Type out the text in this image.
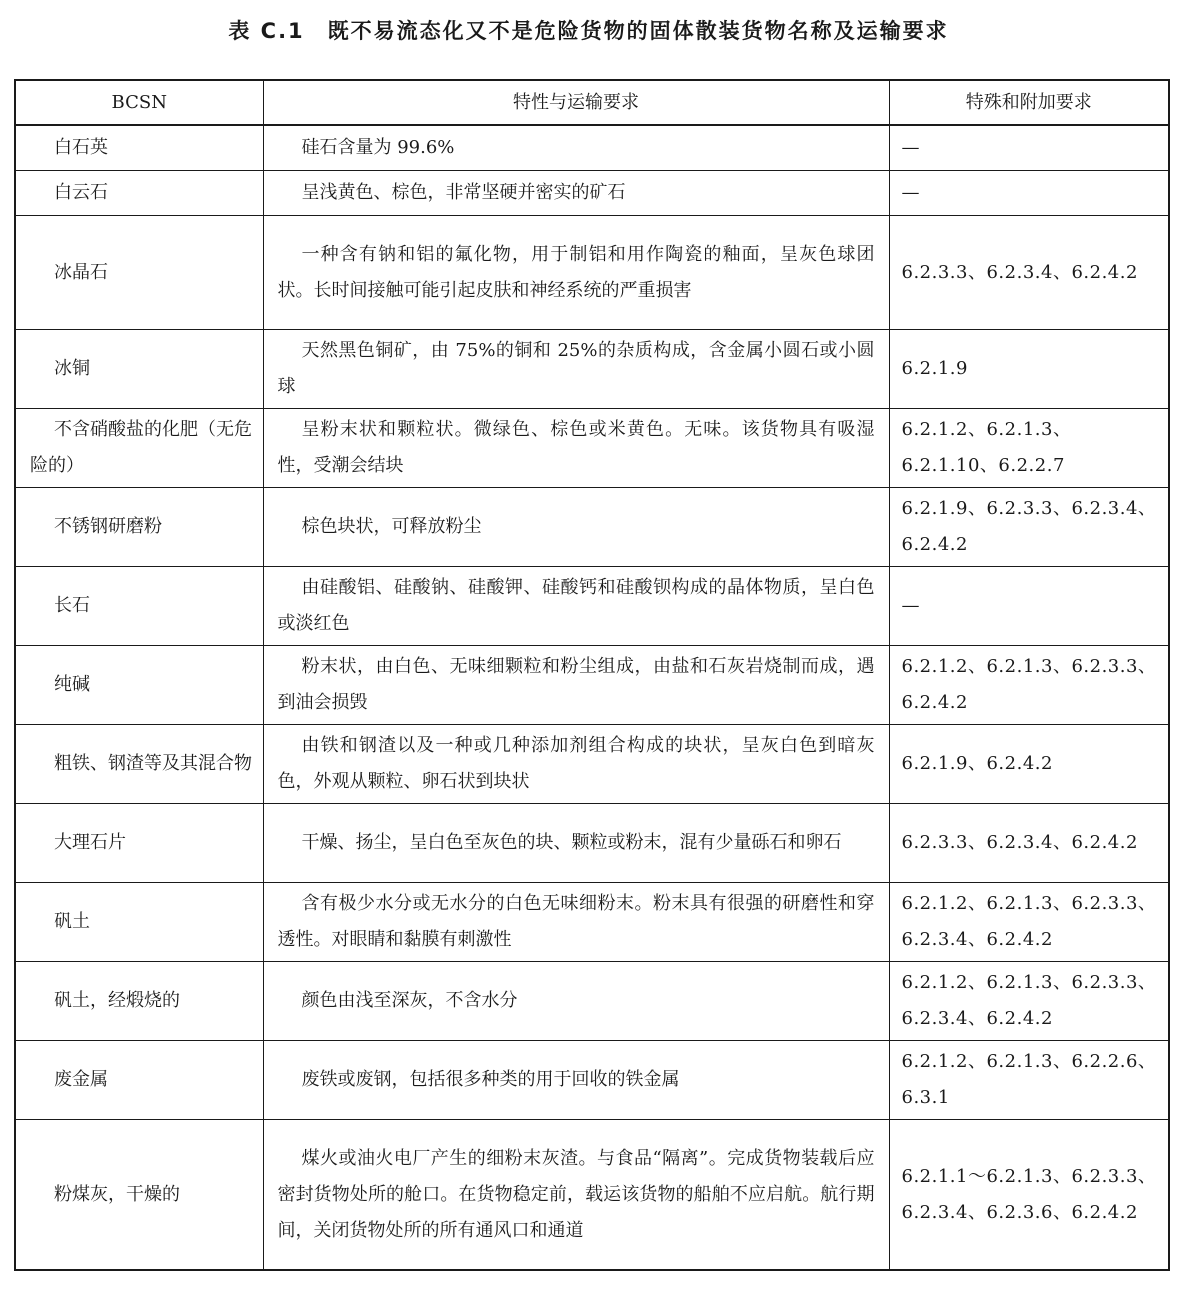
表 C.1　既不易流态化又不是危险货物的固体散装货物名称及运输要求
BCSN	特性与运输要求	特殊和附加要求
白石英	硅石含量为 99.6%	—
白云石	呈浅黄色、棕色，非常坚硬并密实的矿石	—
冰晶石	一种含有钠和铝的氟化物，用于制铝和用作陶瓷的釉面，呈灰色球团状。长时间接触可能引起皮肤和神经系统的严重损害	6.2.3.3、6.2.3.4、6.2.4.2
冰铜	天然黑色铜矿，由 75%的铜和 25%的杂质构成，含金属小圆石或小圆球	6.2.1.9
不含硝酸盐的化肥（无危险的）	呈粉末状和颗粒状。微绿色、棕色或米黄色。无味。该货物具有吸湿性，受潮会结块	6.2.1.2、6.2.1.3、6.2.1.10、6.2.2.7
不锈钢研磨粉	棕色块状，可释放粉尘	6.2.1.9、6.2.3.3、6.2.3.4、6.2.4.2
长石	由硅酸铝、硅酸钠、硅酸钾、硅酸钙和硅酸钡构成的晶体物质，呈白色或淡红色	—
纯碱	粉末状，由白色、无味细颗粒和粉尘组成，由盐和石灰岩烧制而成，遇到油会损毁	6.2.1.2、6.2.1.3、6.2.3.3、6.2.4.2
粗铁、钢渣等及其混合物	由铁和钢渣以及一种或几种添加剂组合构成的块状，呈灰白色到暗灰色，外观从颗粒、卵石状到块状	6.2.1.9、6.2.4.2
大理石片	干燥、扬尘，呈白色至灰色的块、颗粒或粉末，混有少量砾石和卵石	6.2.3.3、6.2.3.4、6.2.4.2
矾土	含有极少水分或无水分的白色无味细粉末。粉末具有很强的研磨性和穿透性。对眼睛和黏膜有刺激性	6.2.1.2、6.2.1.3、6.2.3.3、6.2.3.4、6.2.4.2
矾土，经煅烧的	颜色由浅至深灰，不含水分	6.2.1.2、6.2.1.3、6.2.3.3、6.2.3.4、6.2.4.2
废金属	废铁或废钢，包括很多种类的用于回收的铁金属	6.2.1.2、6.2.1.3、6.2.2.6、6.3.1
粉煤灰，干燥的	煤火或油火电厂产生的细粉末灰渣。与食品“隔离”。完成货物装载后应密封货物处所的舱口。在货物稳定前，载运该货物的船舶不应启航。航行期间，关闭货物处所的所有通风口和通道	6.2.1.1～6.2.1.3、6.2.3.3、6.2.3.4、6.2.3.6、6.2.4.2
